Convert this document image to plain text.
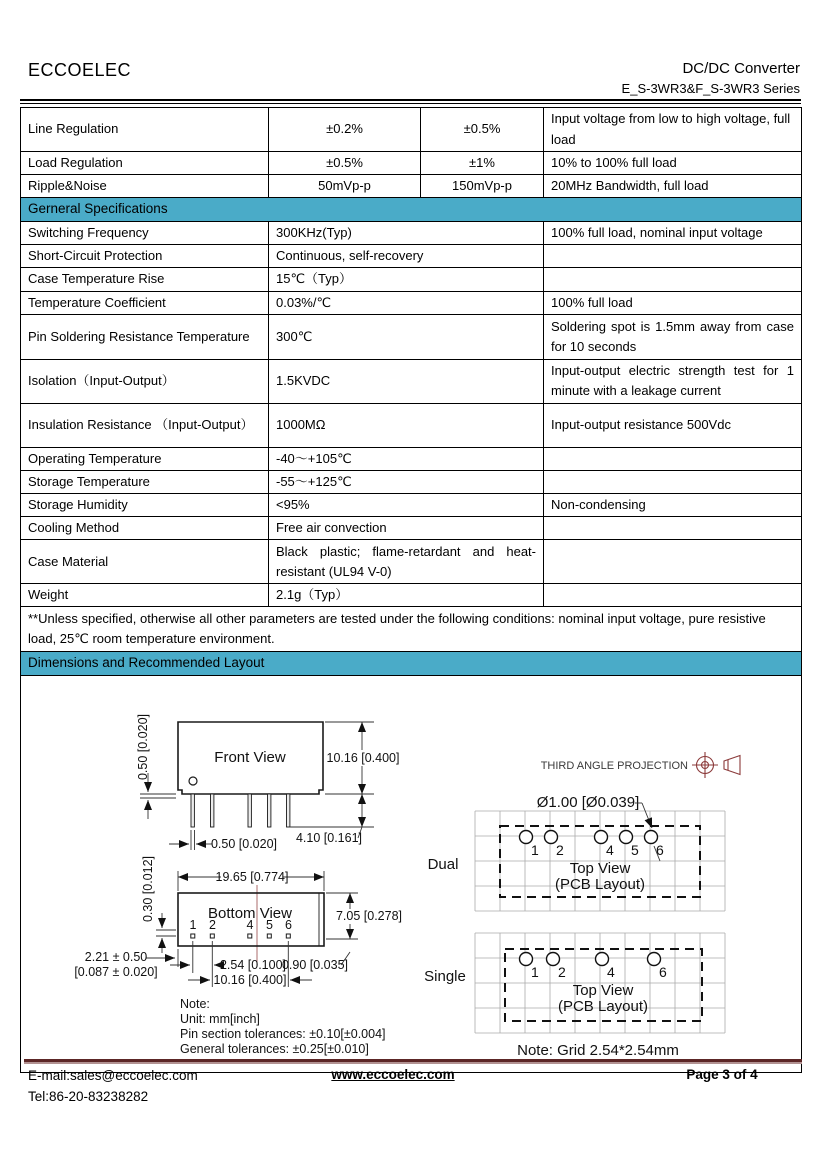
ECCOELEC	DC/DC Converter
E_S-3WR3&F_S-3WR3 Series
Line Regulation	±0.2%	±0.5%	Input voltage from low to high voltage, full load
Load Regulation	±0.5%	±1%	10% to 100% full load
Ripple&Noise	50mVp-p	150mVp-p	20MHz Bandwidth, full load
Gerneral Specifications			
Switching Frequency	300KHz(Typ)		100% full load, nominal input voltage
Short-Circuit Protection	Continuous, self-recovery		
Case Temperature Rise	15℃（Typ）		
Temperature Coefficient	0.03%/℃		100% full load
Pin Soldering Resistance Temperature	300℃		Soldering spot is 1.5mm away from case for 10 seconds
Isolation（Input-Output）	1.5KVDC		Input-output electric strength test for 1 minute with a leakage current
Insulation Resistance （Input-Output）	1000MΩ		Input-output resistance 500Vdc
Operating Temperature	-40～+105℃		
Storage Temperature	-55～+125℃		
Storage Humidity	<95%		Non-condensing
Cooling Method	Free air convection		
Case Material	Black plastic; flame-retardant and heat-resistant (UL94 V-0)		
Weight	2.1g（Typ）		
**Unless specified, otherwise all other parameters are tested under the following conditions: nominal input voltage, pure resistive load, 25℃ room temperature environment.			
Dimensions and Recommended Layout			

Front View	10.16 [0.400]
0.50 [0.020]
0.50 [0.020] 4.10 [0.161]
Bottom View
1 2 4 5 6
19.65 [0.774]
0.30 [0.012]	7.05 [0.278]
2.21 ± 0.50
[0.087 ± 0.020]	2.54 [0.100]
0.90 [0.035]
10.16 [0.400]
Note:
Unit: mm[inch]
Pin section tolerances: ±0.10[±0.004]
General tolerances: ±0.25[±0.010]
THIRD ANGLE PROJECTION
1 2	4 5 6
Top View
(PCB Layout)
Dual
Ø1.00 [Ø0.039]
1 2	4	6
Top View
(PCB Layout)
Single
Note: Grid 2.54*2.54mm
E-mail:sales@eccoelec.com
Tel:86-20-83238282
www.eccoelec.com	Page 3 of 4
